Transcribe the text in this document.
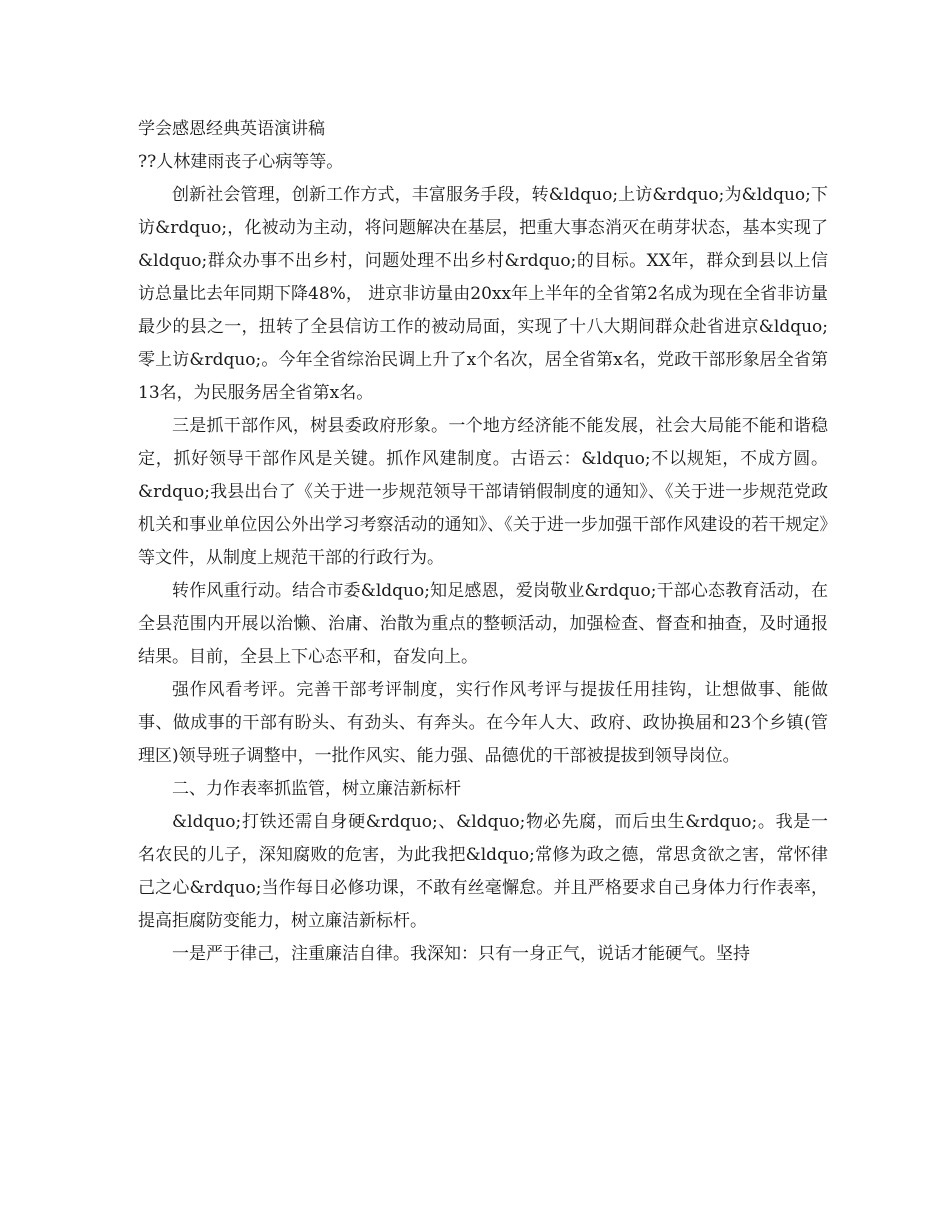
学会感恩经典英语演讲稿

??人林建雨丧子心病等等。

创新社会管理，创新工作方式，丰富服务手段，转&ldquo;上访&rdquo;为&ldquo;下访&rdquo;，化被动为主动，将问题解决在基层，把重大事态消灭在萌芽状态，基本实现了&ldquo;群众办事不出乡村，问题处理不出乡村&rdquo;的目标。XX年，群众到县以上信访总量比去年同期下降48%， 进京非访量由20xx年上半年的全省第2名成为现在全省非访量最少的县之一，扭转了全县信访工作的被动局面，实现了十八大期间群众赴省进京&ldquo;零上访&rdquo;。今年全省综治民调上升了x个名次，居全省第x名，党政干部形象居全省第13名，为民服务居全省第x名。

三是抓干部作风，树县委政府形象。一个地方经济能不能发展，社会大局能不能和谐稳定，抓好领导干部作风是关键。抓作风建制度。古语云：&ldquo;不以规矩，不成方圆。&rdquo;我县出台了《关于进一步规范领导干部请销假制度的通知》、《关于进一步规范党政机关和事业单位因公外出学习考察活动的通知》、《关于进一步加强干部作风建设的若干规定》等文件，从制度上规范干部的行政行为。

转作风重行动。结合市委&ldquo;知足感恩，爱岗敬业&rdquo;干部心态教育活动，在全县范围内开展以治懒、治庸、治散为重点的整顿活动，加强检查、督查和抽查，及时通报结果。目前，全县上下心态平和，奋发向上。

强作风看考评。完善干部考评制度，实行作风考评与提拔任用挂钩，让想做事、能做事、做成事的干部有盼头、有劲头、有奔头。在今年人大、政府、政协换届和23个乡镇(管理区)领导班子调整中，一批作风实、能力强、品德优的干部被提拔到领导岗位。

二、力作表率抓监管，树立廉洁新标杆

&ldquo;打铁还需自身硬&rdquo;、&ldquo;物必先腐，而后虫生&rdquo;。我是一名农民的儿子，深知腐败的危害，为此我把&ldquo;常修为政之德，常思贪欲之害，常怀律己之心&rdquo;当作每日必修功课，不敢有丝毫懈怠。并且严格要求自己身体力行作表率，提高拒腐防变能力，树立廉洁新标杆。

一是严于律己，注重廉洁自律。我深知：只有一身正气，说话才能硬气。坚持
